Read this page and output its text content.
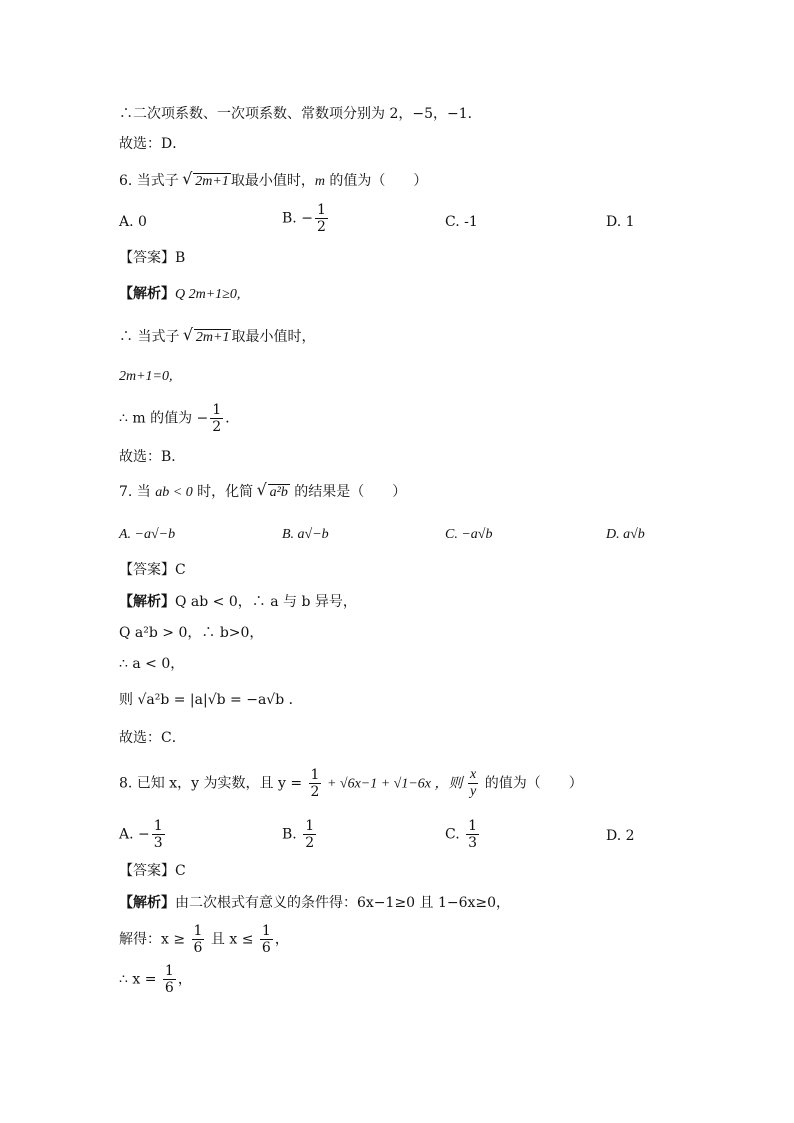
∴二次项系数、一次项系数、常数项分别为 2，−5，−1．
故选：D．
6. 当式子 √ 2m+1 取最小值时，m 的值为（　　）
A. 0	B. − $\frac{1}{2}$	C. -1	D. 1
【答案】B
【解析】Q 2m+1≥0,
∴ 当式子 √ 2m+1 取最小值时，
2m+1=0,
∴ m 的值为 − $\frac{1}{2}$ ．
故选：B．
7. 当 ab < 0 时，化简 √ a²b 的结果是（　　）
A. −a√−b	B. a√−b	C. −a√b	D. a√b
【答案】C
【解析】Q ab < 0，∴ a 与 b 异号，
Q a²b > 0，∴ b>0，
∴ a < 0，
则 √a²b = |a|√b = −a√b ．
故选：C．
8. 已知 x，y 为实数，且 $y = \frac{1}{2} + √6x-1 + √1-6x$ ，则 $\frac{x}{y}$ 的值为（　　）
A. − $\frac{1}{3}$	B. $\frac{1}{2}$	C. $\frac{1}{3}$	D. 2
【答案】C
【解析】由二次根式有意义的条件得：6x−1≥0 且 1−6x≥0，
解得：$x \ge \frac{1}{6}$ 且 $x \le \frac{1}{6}$ ，
∴ $x = \frac{1}{6}$ ，
